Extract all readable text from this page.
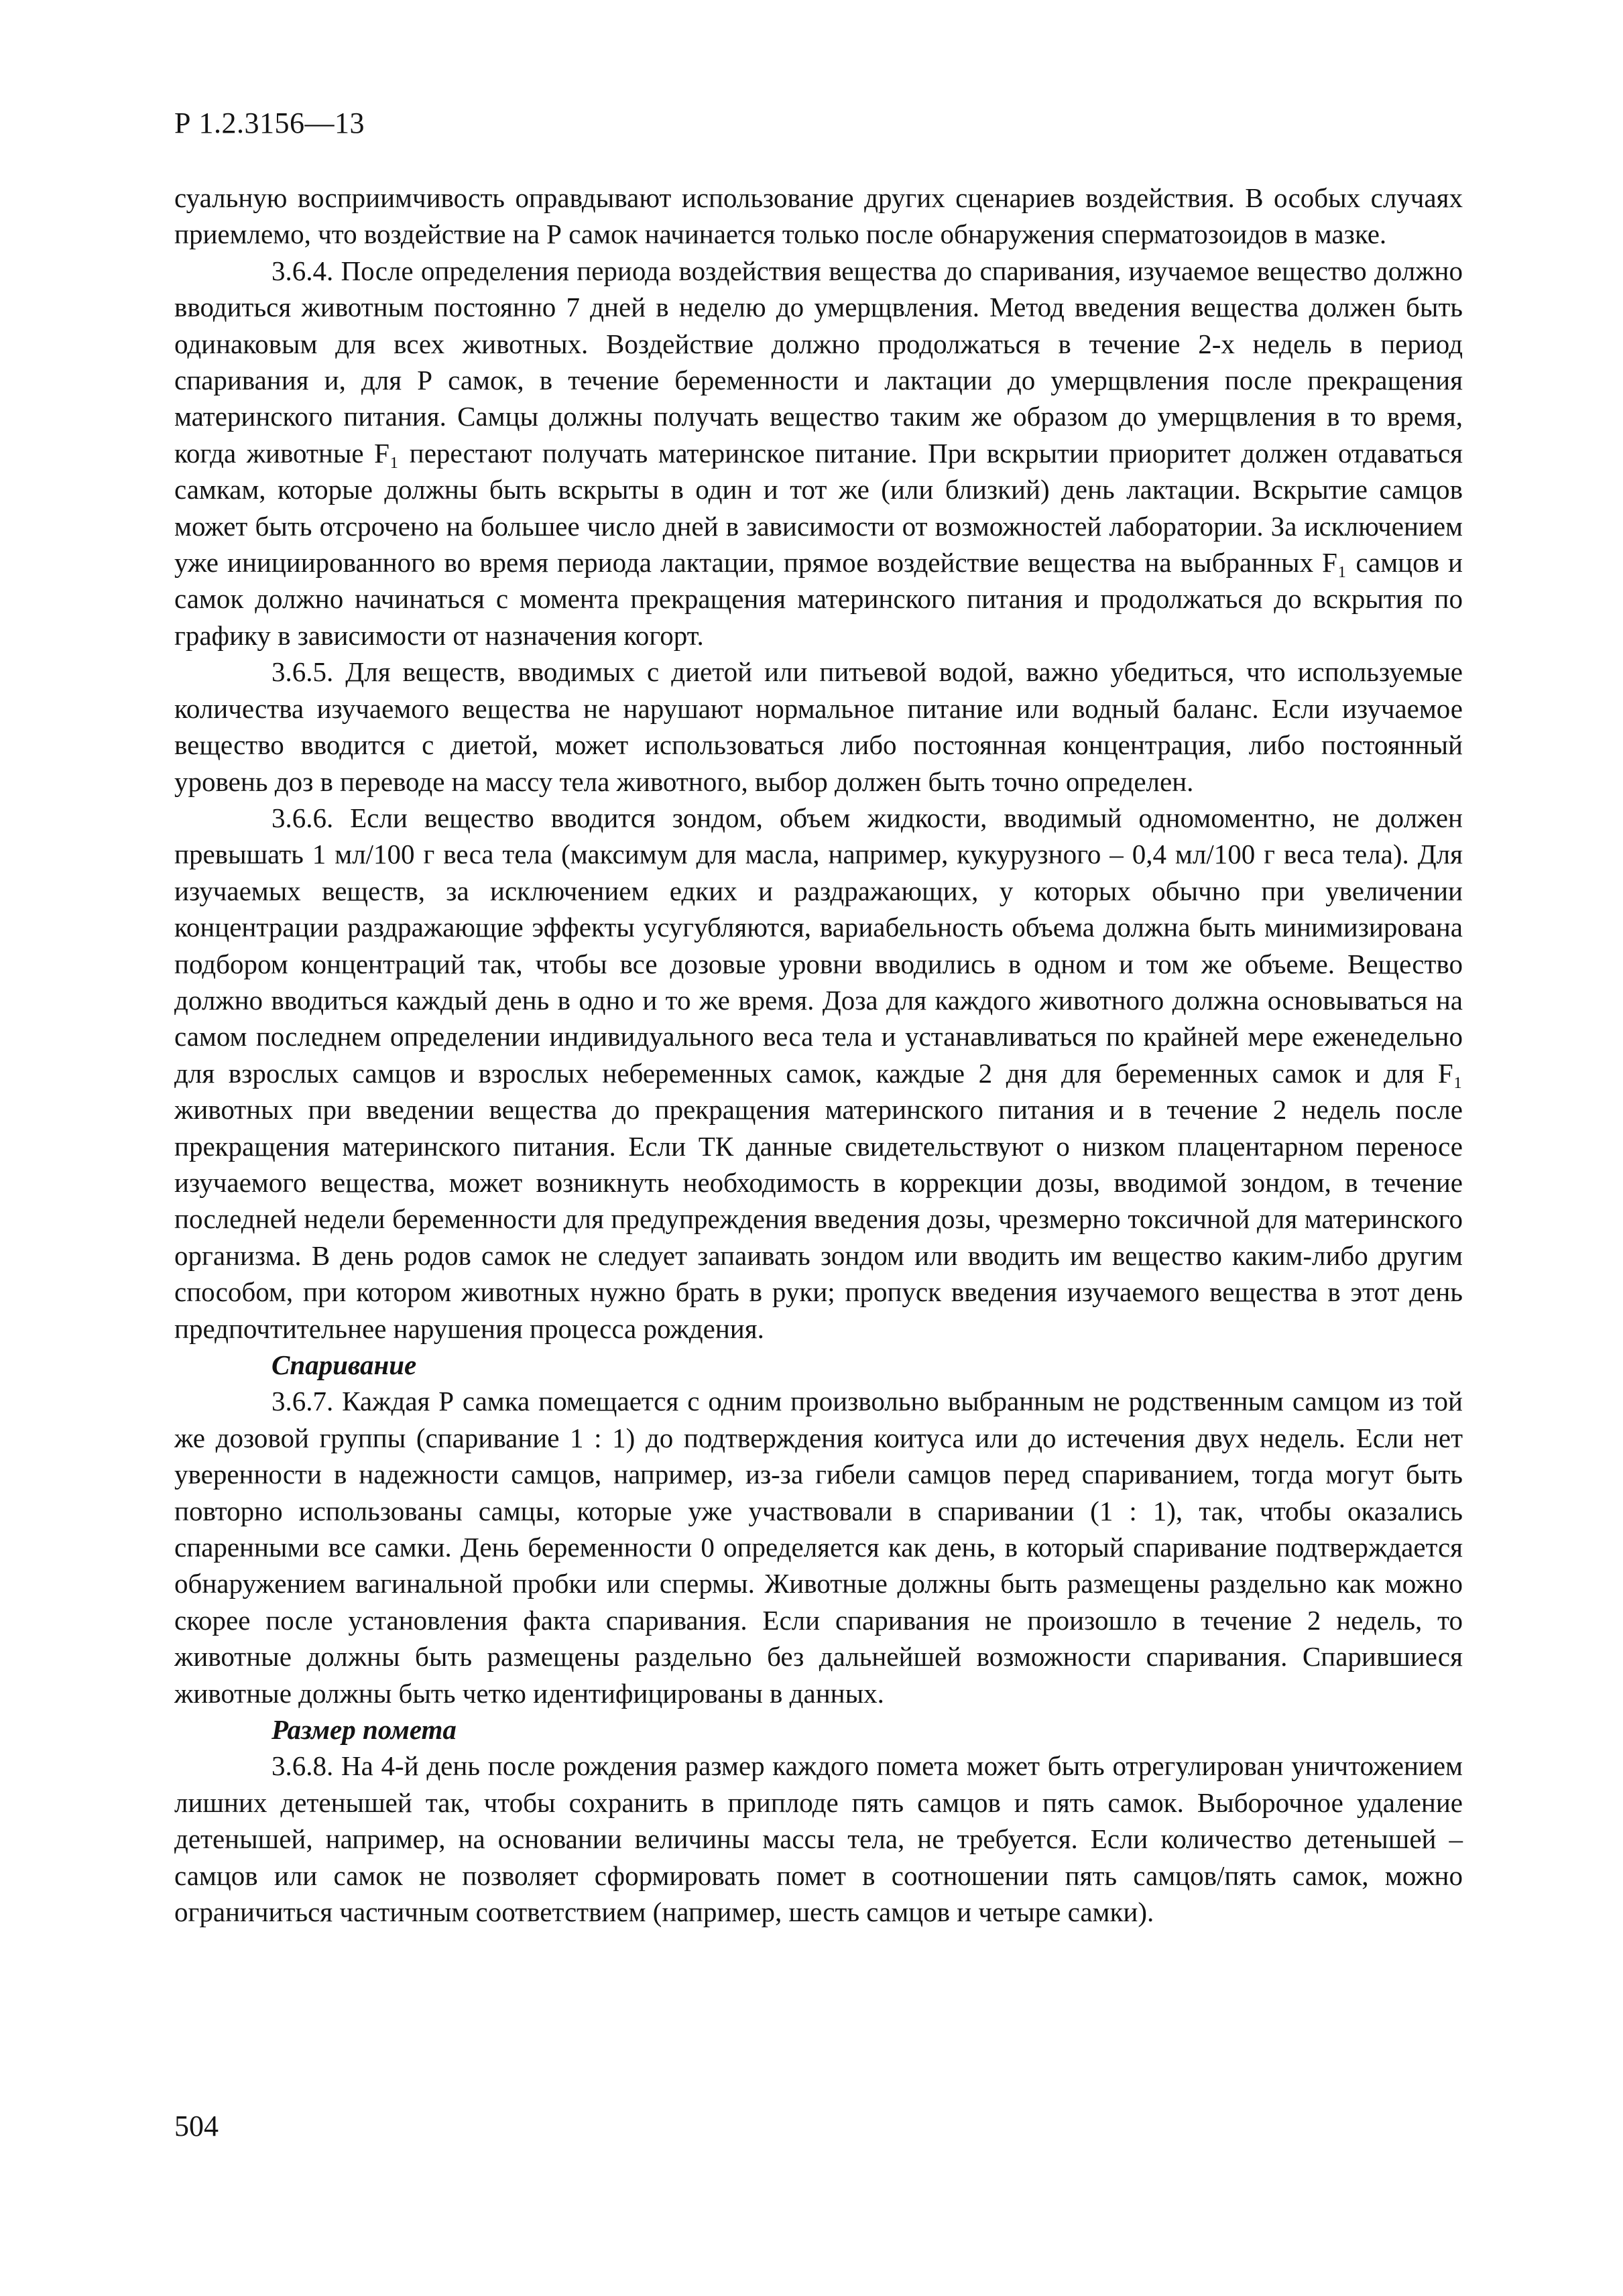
Р 1.2.3156—13

суальную восприимчивость оправдывают использование других сценариев воздействия. В особых случаях приемлемо, что воздействие на Р самок начинается только после обнаружения сперматозоидов в мазке.

3.6.4. После определения периода воздействия вещества до спаривания, изучаемое вещество должно вводиться животным постоянно 7 дней в неделю до умерщвления. Метод введения вещества должен быть одинаковым для всех животных. Воздействие должно продолжаться в течение 2-х недель в период спаривания и, для Р самок, в течение беременности и лактации до умерщвления после прекращения материнского питания. Самцы должны получать вещество таким же образом до умерщвления в то время, когда животные F₁ перестают получать материнское питание. При вскрытии приоритет должен отдаваться самкам, которые должны быть вскрыты в один и тот же (или близкий) день лактации. Вскрытие самцов может быть отсрочено на большее число дней в зависимости от возможностей лаборатории. За исключением уже инициированного во время периода лактации, прямое воздействие вещества на выбранных F₁ самцов и самок должно начинаться с момента прекращения материнского питания и продолжаться до вскрытия по графику в зависимости от назначения когорт.

3.6.5. Для веществ, вводимых с диетой или питьевой водой, важно убедиться, что используемые количества изучаемого вещества не нарушают нормальное питание или водный баланс. Если изучаемое вещество вводится с диетой, может использоваться либо постоянная концентрация, либо постоянный уровень доз в переводе на массу тела животного, выбор должен быть точно определен.

3.6.6. Если вещество вводится зондом, объем жидкости, вводимый одномоментно, не должен превышать 1 мл/100 г веса тела (максимум для масла, например, кукурузного – 0,4 мл/100 г веса тела). Для изучаемых веществ, за исключением едких и раздражающих, у которых обычно при увеличении концентрации раздражающие эффекты усугубляются, вариабельность объема должна быть минимизирована подбором концентраций так, чтобы все дозовые уровни вводились в одном и том же объеме. Вещество должно вводиться каждый день в одно и то же время. Доза для каждого животного должна основываться на самом последнем определении индивидуального веса тела и устанавливаться по крайней мере еженедельно для взрослых самцов и взрослых небеременных самок, каждые 2 дня для беременных самок и для F₁ животных при введении вещества до прекращения материнского питания и в течение 2 недель после прекращения материнского питания. Если ТК данные свидетельствуют о низком плацентарном переносе изучаемого вещества, может возникнуть необходимость в коррекции дозы, вводимой зондом, в течение последней недели беременности для предупреждения введения дозы, чрезмерно токсичной для материнского организма. В день родов самок не следует запаивать зондом или вводить им вещество каким-либо другим способом, при котором животных нужно брать в руки; пропуск введения изучаемого вещества в этот день предпочтительнее нарушения процесса рождения.

Спаривание

3.6.7. Каждая Р самка помещается с одним произвольно выбранным не родственным самцом из той же дозовой группы (спаривание 1 : 1) до подтверждения коитуса или до истечения двух недель. Если нет уверенности в надежности самцов, например, из-за гибели самцов перед спариванием, тогда могут быть повторно использованы самцы, которые уже участвовали в спаривании (1 : 1), так, чтобы оказались спаренными все самки. День беременности 0 определяется как день, в который спаривание подтверждается обнаружением вагинальной пробки или спермы. Животные должны быть размещены раздельно как можно скорее после установления факта спаривания. Если спаривания не произошло в течение 2 недель, то животные должны быть размещены раздельно без дальнейшей возможности спаривания. Спарившиеся животные должны быть четко идентифицированы в данных.

Размер помета

3.6.8. На 4-й день после рождения размер каждого помета может быть отрегулирован уничтожением лишних детенышей так, чтобы сохранить в приплоде пять самцов и пять самок. Выборочное удаление детенышей, например, на основании величины массы тела, не требуется. Если количество детенышей – самцов или самок не позволяет сформировать помет в соотношении пять самцов/пять самок, можно ограничиться частичным соответствием (например, шесть самцов и четыре самки).

504
